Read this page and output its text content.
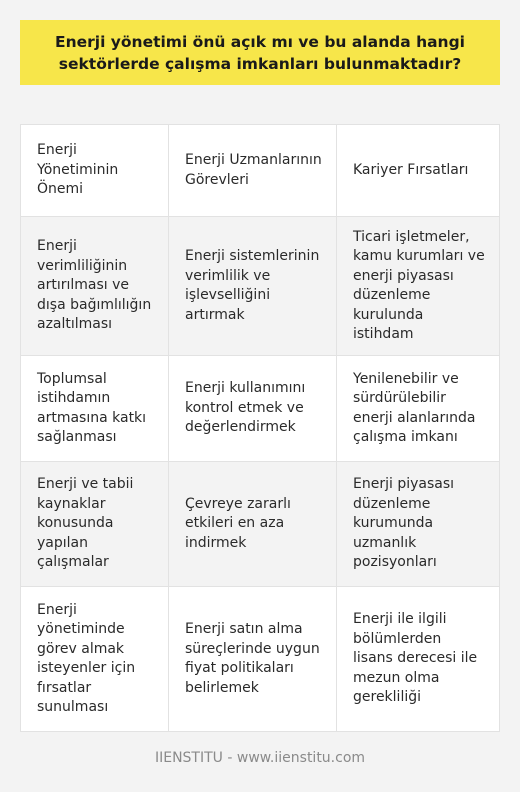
Enerji yönetimi önü açık mı ve bu alanda hangi sektörlerde çalışma imkanları bulunmaktadır?
Enerji Yönetiminin Önemi
Enerji Uzmanlarının Görevleri
Kariyer Fırsatları
Enerji verimliliğinin artırılması ve dışa bağımlılığın azaltılması
Enerji sistemlerinin verimlilik ve işlevselliğini artırmak
Ticari işletmeler, kamu kurumları ve enerji piyasası düzenleme kurulunda istihdam
Toplumsal istihdamın artmasına katkı sağlanması
Enerji kullanımını kontrol etmek ve değerlendirmek
Yenilenebilir ve sürdürülebilir enerji alanlarında çalışma imkanı
Enerji ve tabii kaynaklar konusunda yapılan çalışmalar
Çevreye zararlı etkileri en aza indirmek
Enerji piyasası düzenleme kurumunda uzmanlık pozisyonları
Enerji yönetiminde görev almak isteyenler için fırsatlar sunulması
Enerji satın alma süreçlerinde uygun fiyat politikaları belirlemek
Enerji ile ilgili bölümlerden lisans derecesi ile mezun olma gerekliliği
IIENSTITU - www.iienstitu.com
